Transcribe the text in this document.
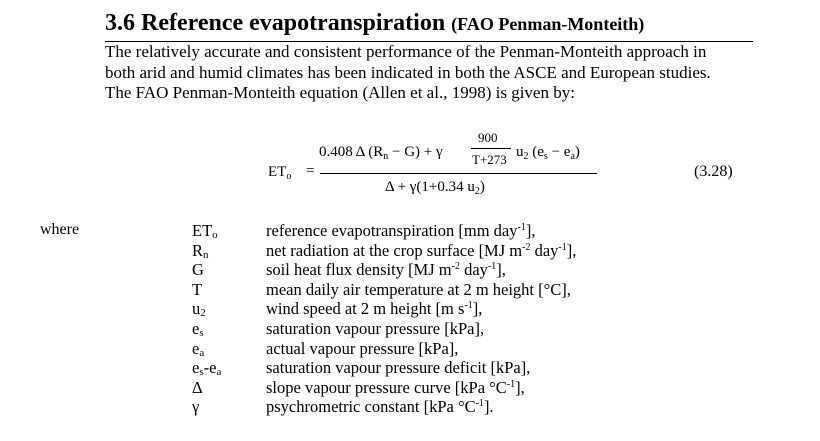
3.6 Reference evapotranspiration (FAO Penman-Monteith)

The relatively accurate and consistent performance of the Penman-Monteith approach in

both arid and humid climates has been indicated in both the ASCE and European studies.

The FAO Penman-Monteith equation (Allen et al., 1998) is given by:

$ET_o$ =
0.408 Δ $(R_n - G) + \gamma$
900
T+273 $u_2$ $(e_s - e_a)$
Δ + γ(1+0.34 $u_2$)
(3.28)
where	$ET_o$	reference evapotranspiration [mm day$^{-1}$],
$R_n$	net radiation at the crop surface [MJ $m^{-2}$ day$^{-1}$],
G	soil heat flux density [MJ $m^{-2}$ day$^{-1}$],
T	mean daily air temperature at 2 m height [°C],
$u_2$	wind speed at 2 m height [m $s^{-1}$],
$e_s$	saturation vapour pressure [kPa],
$e_a$	actual vapour pressure [kPa],
$e_s-e_a$	saturation vapour pressure deficit [kPa],
Δ	slope vapour pressure curve [kPa $^\circ C^{-1}$],
γ	psychrometric constant [kPa $^\circ C^{-1}$].
